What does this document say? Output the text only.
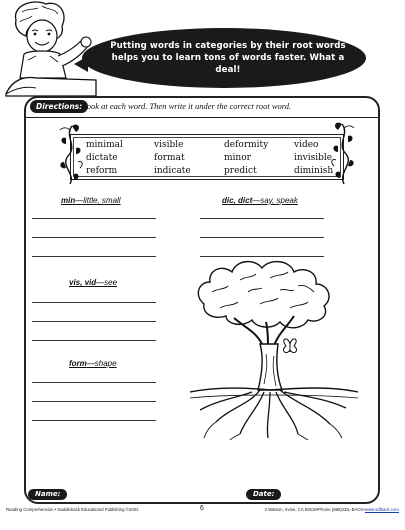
Putting words in categories by their root words helps you to learn tons of words faster. What a deal!
Directions: Look at each word. Then write it under the correct root word.
minimal	visible	deformity	video
dictate	format	minor	invisible
reform	indicate	predict	diminish
min—little, small	dic, dict—say, speak
vis, vid—see
form—shape
Name:	Date:
Reading Comprehension • Saddleback Educational Publishing ©2002	6	3 Watson, Irvine, CA 92618•Phone (888)SDL-BACK•www.sdlback.com
